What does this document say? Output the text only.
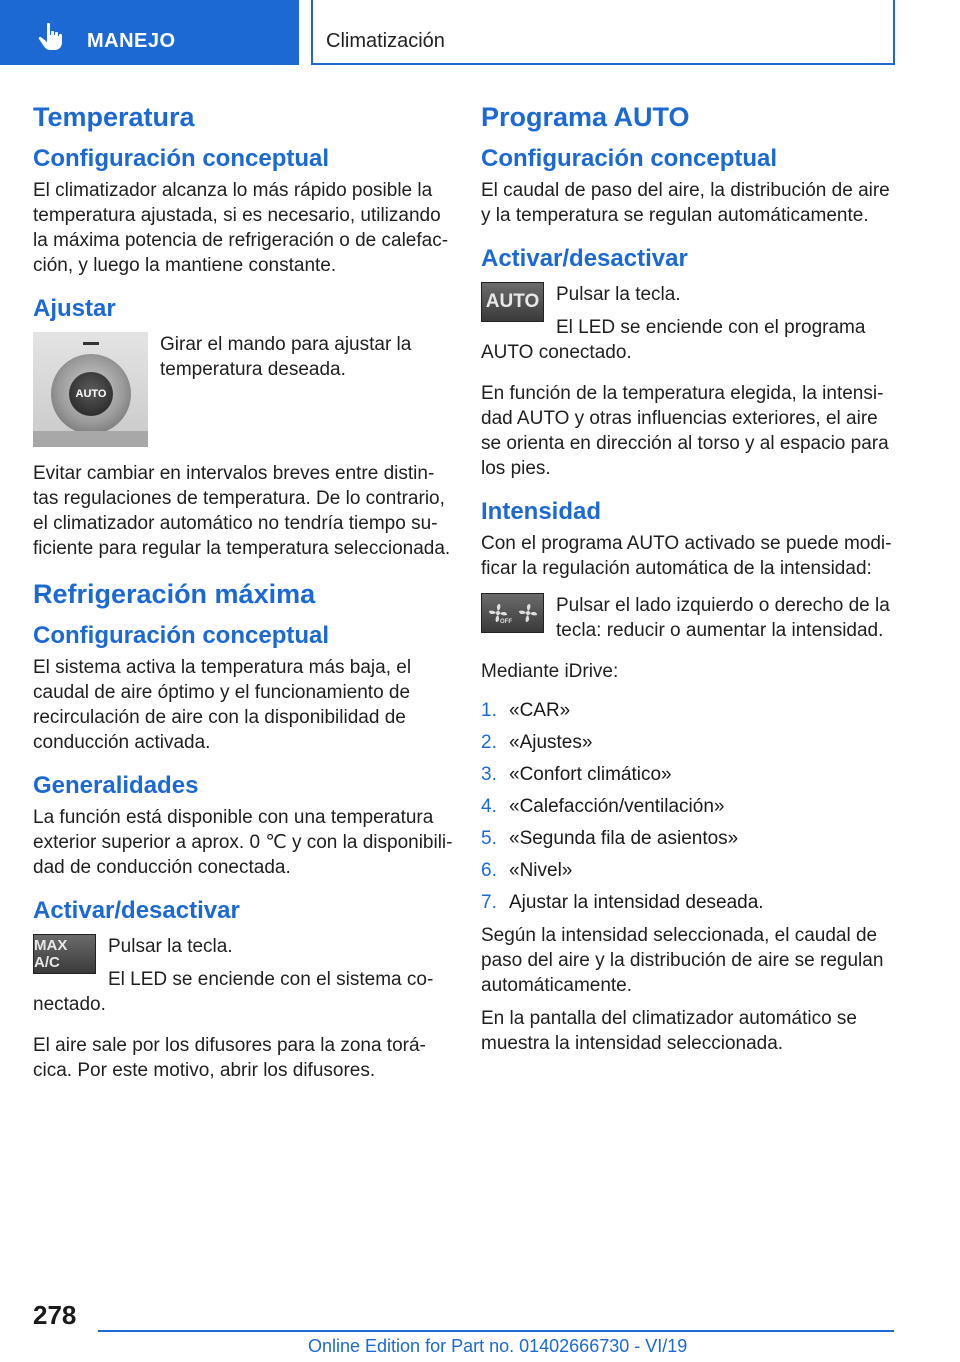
MANEJO	Climatización
Temperatura
Configuración conceptual

El climatizador alcanza lo más rápido posible la temperatura ajustada, si es necesario, utilizando la máxima potencia de refrigeración o de calefacción, y luego la mantiene constante.

Ajustar
AUTO

Girar el mando para ajustar la temperatura deseada.

Evitar cambiar en intervalos breves entre distintas regulaciones de temperatura. De lo contrario, el climatizador automático no tendría tiempo suficiente para regular la temperatura seleccionada.

Refrigeración máxima
Configuración conceptual

El sistema activa la temperatura más baja, el caudal de aire óptimo y el funcionamiento de recirculación de aire con la disponibilidad de conducción activada.

Generalidades

La función está disponible con una temperatura exterior superior a aprox. 0 ℃ y con la disponibilidad de conducción conectada.

Activar/desactivar
MAX A/C

Pulsar la tecla.

El LED se enciende con el sistema conectado.

El aire sale por los difusores para la zona torácica. Por este motivo, abrir los difusores.

Programa AUTO
Configuración conceptual

El caudal de paso del aire, la distribución de aire y la temperatura se regulan automáticamente.

Activar/desactivar
AUTO Pulsar la tecla.

El LED se enciende con el programa AUTO conectado.

En función de la temperatura elegida, la intensidad AUTO y otras influencias exteriores, el aire se orienta en dirección al torso y al espacio para los pies.

Intensidad

Con el programa AUTO activado se puede modificar la regulación automática de la intensidad:

OFF

Pulsar el lado izquierdo o derecho de la tecla: reducir o aumentar la intensidad.

Mediante iDrive:

1. «CAR»
2. «Ajustes»
3. «Confort climático»
4. «Calefacción/ventilación»
5. «Segunda fila de asientos»
6. «Nivel»
7. Ajustar la intensidad deseada.

Según la intensidad seleccionada, el caudal de paso del aire y la distribución de aire se regulan automáticamente.

En la pantalla del climatizador automático se muestra la intensidad seleccionada.

278
Online Edition for Part no. 01402666730 - VI/19
